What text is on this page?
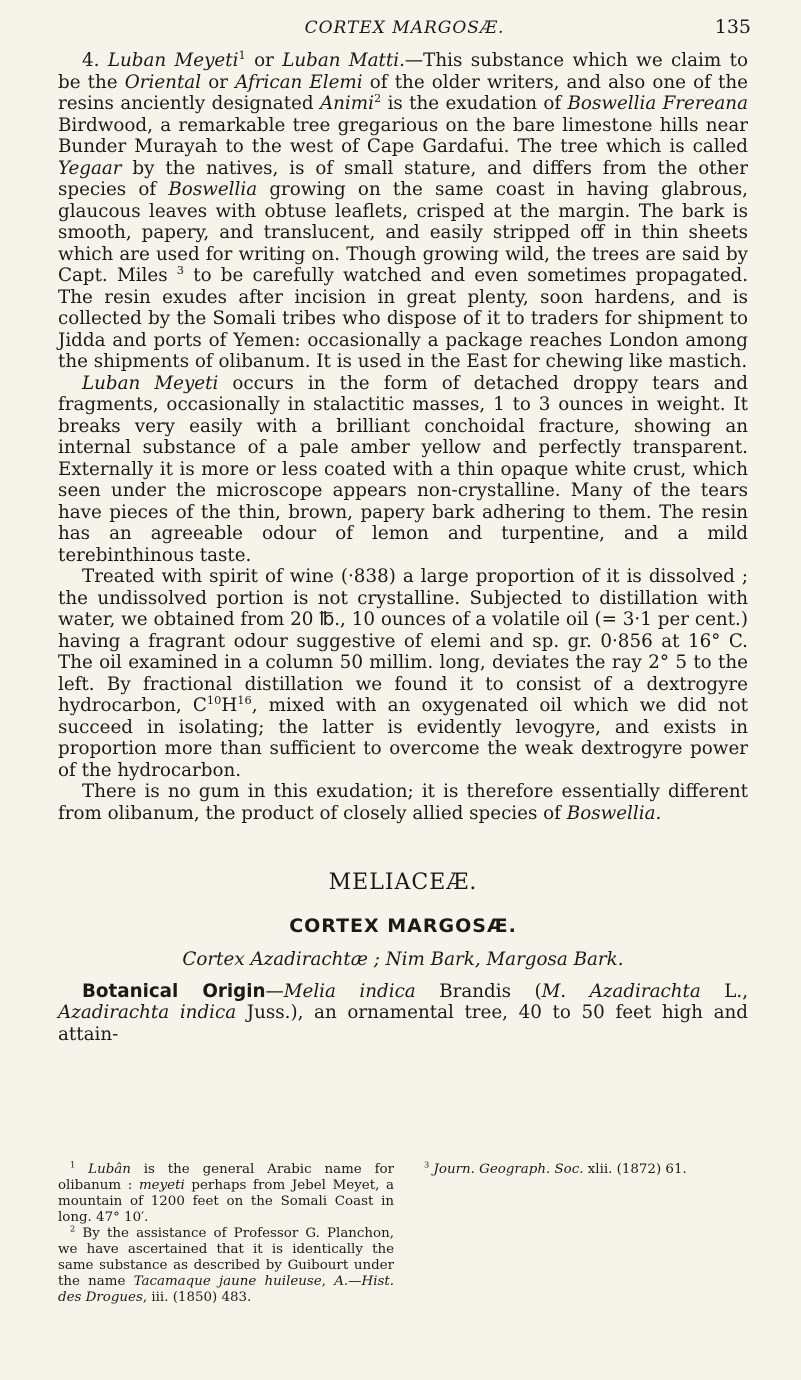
CORTEX MARGOSÆ.	135

4. Luban Meyeti$^1$ or Luban Matti.—This substance which we claim to be the Oriental or African Elemi of the older writers, and also one of the resins anciently designated Animi$^2$ is the exudation of Boswellia Frereana Birdwood, a remarkable tree gregarious on the bare limestone hills near Bunder Murayah to the west of Cape Gardafui. The tree which is called Yegaar by the natives, is of small stature, and differs from the other species of Boswellia growing on the same coast in having glabrous, glaucous leaves with obtuse leaflets, crisped at the margin. The bark is smooth, papery, and translucent, and easily stripped off in thin sheets which are used for writing on. Though growing wild, the trees are said by Capt. Miles $^3$ to be carefully watched and even sometimes propagated. The resin exudes after incision in great plenty, soon hardens, and is collected by the Somali tribes who dispose of it to traders for shipment to Jidda and ports of Yemen: occasionally a package reaches London among the shipments of olibanum. It is used in the East for chewing like mastich.

Luban Meyeti occurs in the form of detached droppy tears and fragments, occasionally in stalactitic masses, 1 to 3 ounces in weight. It breaks very easily with a brilliant conchoidal fracture, showing an internal substance of a pale amber yellow and perfectly transparent. Externally it is more or less coated with a thin opaque white crust, which seen under the microscope appears non-crystalline. Many of the tears have pieces of the thin, brown, papery bark adhering to them. The resin has an agreeable odour of lemon and turpentine, and a mild terebinthinous taste.

Treated with spirit of wine (·838) a large proportion of it is dissolved ; the undissolved portion is not crystalline. Subjected to distillation with water, we obtained from 20 ℔., 10 ounces of a volatile oil (= 3·1 per cent.) having a fragrant odour suggestive of elemi and sp. gr. 0·856 at 16° C. The oil examined in a column 50 millim. long, deviates the ray 2° 5 to the left. By fractional distillation we found it to consist of a dextrogyre hydrocarbon, $C^{10}H^{16}$, mixed with an oxygenated oil which we did not succeed in isolating; the latter is evidently levogyre, and exists in proportion more than sufficient to overcome the weak dextrogyre power of the hydrocarbon.

There is no gum in this exudation; it is therefore essentially different from olibanum, the product of closely allied species of Boswellia.

MELIACEÆ.
CORTEX MARGOSÆ.
Cortex Azadirachtæ ; Nim Bark, Margosa Bark.

Botanical Origin—Melia indica Brandis (M. Azadirachta L., Azadirachta indica Juss.), an ornamental tree, 40 to 50 feet high and attain-

$^1$ Lubân is the general Arabic name for olibanum : meyeti perhaps from Jebel Meyet, a mountain of 1200 feet on the Somali Coast in long. 47° 10′.

$^2$ By the assistance of Professor G. Planchon, we have ascertained that it is identically the same substance as described by Guibourt under the name Tacamaque jaune huileuse, A.—Hist. des Drogues, iii. (1850) 483.

$^3$ Journ. Geograph. Soc. xlii. (1872) 61.
